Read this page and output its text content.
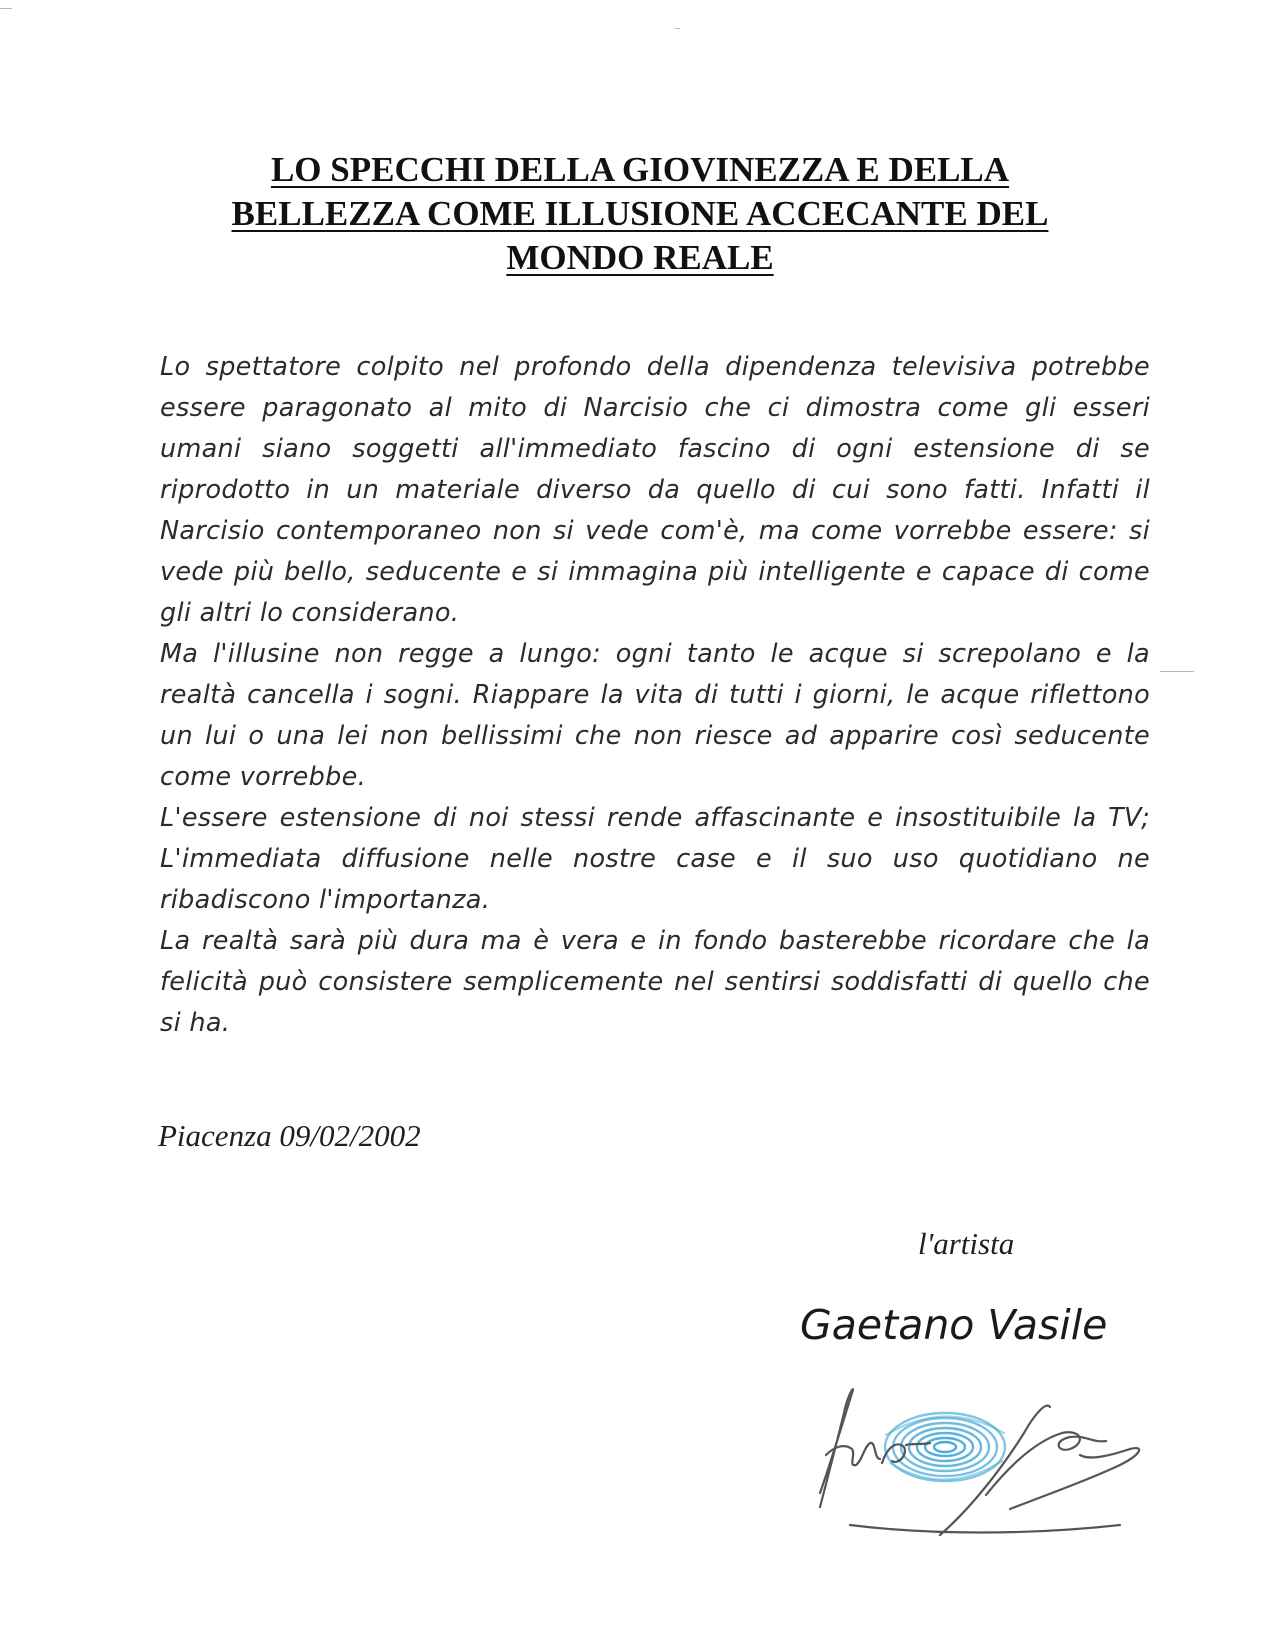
LO SPECCHI DELLA GIOVINEZZA E DELLA
BELLEZZA COME ILLUSIONE ACCECANTE DEL
MONDO REALE

Lo spettatore colpito nel profondo della dipendenza televisiva potrebbe essere paragonato al mito di Narcisio che ci dimostra come gli esseri umani siano soggetti all'immediato fascino di ogni estensione di se riprodotto in un materiale diverso da quello di cui sono fatti. Infatti il Narcisio contemporaneo non si vede com'è, ma come vorrebbe essere: si vede più bello, seducente e si immagina più intelligente e capace di come gli altri lo considerano.

Ma l'illusine non regge a lungo: ogni tanto le acque si screpolano e la realtà cancella i sogni. Riappare la vita di tutti i giorni, le acque riflettono un lui o una lei non bellissimi che non riesce ad apparire così seducente come vorrebbe.

L'essere estensione di noi stessi rende affascinante e insostituibile la TV; L'immediata diffusione nelle nostre case e il suo uso quotidiano ne ribadiscono l'importanza.

La realtà sarà più dura ma è vera e in fondo basterebbe ricordare che la felicità può consistere semplicemente nel sentirsi soddisfatti di quello che si ha.

Piacenza 09/02/2002

l'artista

Gaetano Vasile
